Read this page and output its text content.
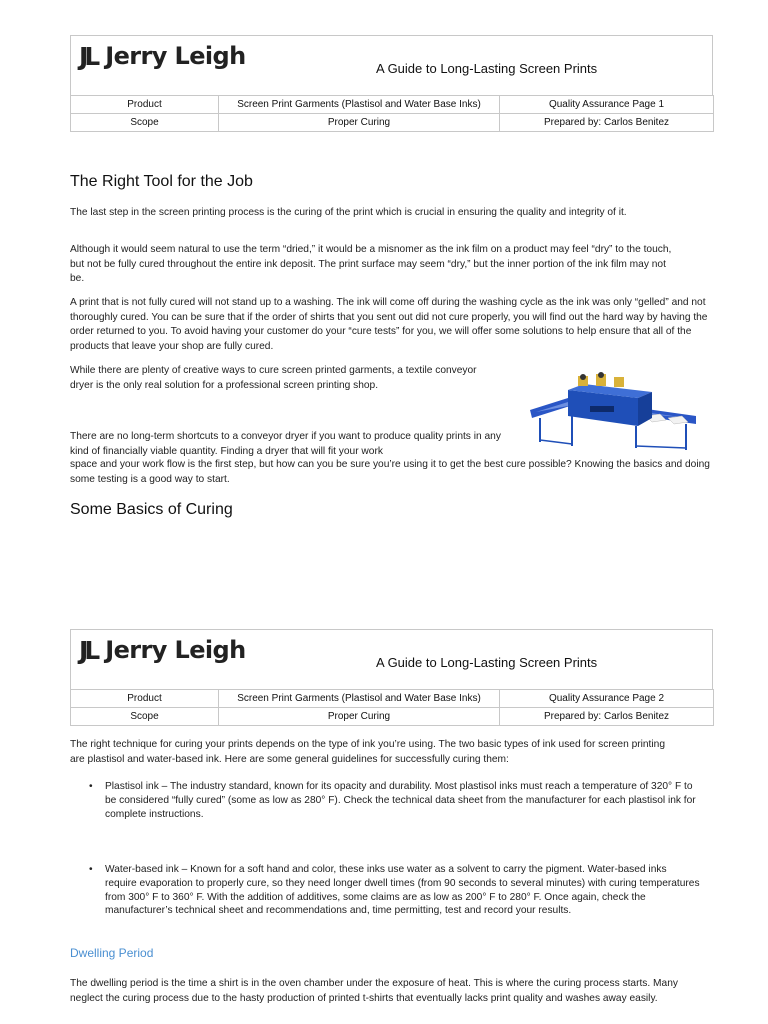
JL Jerry Leigh	A Guide to Long-Lasting Screen Prints
Product	Screen Print Garments (Plastisol and Water Base Inks)	Quality Assurance Page 1
Scope	Proper Curing	Prepared by: Carlos Benitez
The Right Tool for the Job

The last step in the screen printing process is the curing of the print which is crucial in ensuring the quality and integrity of it.

Although it would seem natural to use the term “dried,” it would be a misnomer as the ink film on a product may feel “dry” to the touch, but not be fully cured throughout the entire ink deposit. The print surface may seem “dry,” but the inner portion of the ink film may not be.

A print that is not fully cured will not stand up to a washing. The ink will come off during the washing cycle as the ink was only “gelled” and not thoroughly cured. You can be sure that if the order of shirts that you sent out did not cure properly, you will find out the hard way by having the order returned to you. To avoid having your customer do your “cure tests” for you, we will offer some solutions to help ensure that all of the products that leave your shop are fully cured.

While there are plenty of creative ways to cure screen printed garments, a textile conveyor dryer is the only real solution for a professional screen printing shop.

There are no long-term shortcuts to a conveyor dryer if you want to produce quality prints in any kind of financially viable quantity. Finding a dryer that will fit your work

space and your work flow is the first step, but how can you be sure you’re using it to get the best cure possible? Knowing the basics and doing some testing is a good way to start.

Some Basics of Curing
JL Jerry Leigh	A Guide to Long-Lasting Screen Prints
Product	Screen Print Garments (Plastisol and Water Base Inks)	Quality Assurance Page 2
Scope	Proper Curing	Prepared by: Carlos Benitez

The right technique for curing your prints depends on the type of ink you’re using. The two basic types of ink used for screen printing are plastisol and water-based ink. Here are some general guidelines for successfully curing them:

• Plastisol ink – The industry standard, known for its opacity and durability. Most plastisol inks must reach a temperature of 320° F to be considered “fully cured” (some as low as 280° F). Check the technical data sheet from the manufacturer for each plastisol ink for complete instructions.
• Water-based ink – Known for a soft hand and color, these inks use water as a solvent to carry the pigment. Water-based inks require evaporation to properly cure, so they need longer dwell times (from 90 seconds to several minutes) with curing temperatures from 300° F to 360° F. With the addition of additives, some claims are as low as 200° F to 280° F. Once again, check the manufacturer’s technical sheet and recommendations and, time permitting, test and record your results.
Dwelling Period

The dwelling period is the time a shirt is in the oven chamber under the exposure of heat. This is where the curing process starts. Many neglect the curing process due to the hasty production of printed t-shirts that eventually lacks print quality and washes away easily.
